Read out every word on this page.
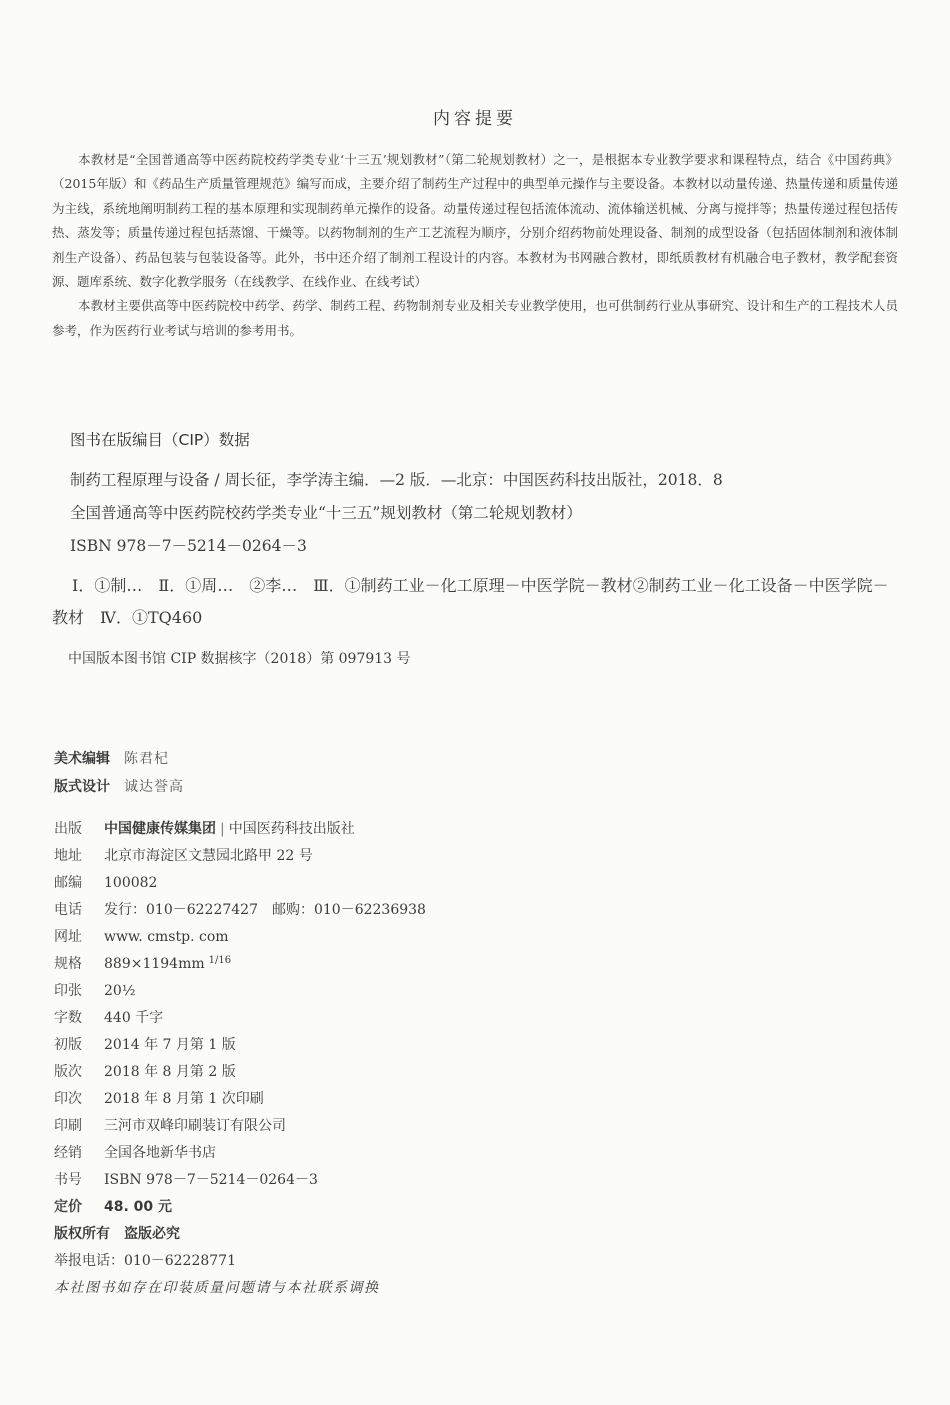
内容提要

本教材是“全国普通高等中医药院校药学类专业‘十三五’规划教材”（第二轮规划教材）之一，是根据本专业教学要求和课程特点，结合《中国药典》（2015年版）和《药品生产质量管理规范》编写而成，主要介绍了制药生产过程中的典型单元操作与主要设备。本教材以动量传递、热量传递和质量传递为主线，系统地阐明制药工程的基本原理和实现制药单元操作的设备。动量传递过程包括流体流动、流体输送机械、分离与搅拌等；热量传递过程包括传热、蒸发等；质量传递过程包括蒸馏、干燥等。以药物制剂的生产工艺流程为顺序，分别介绍药物前处理设备、制剂的成型设备（包括固体制剂和液体制剂生产设备）、药品包装与包装设备等。此外，书中还介绍了制剂工程设计的内容。本教材为书网融合教材，即纸质教材有机融合电子教材，教学配套资源、题库系统、数字化教学服务（在线教学、在线作业、在线考试）

本教材主要供高等中医药院校中药学、药学、制药工程、药物制剂专业及相关专业教学使用，也可供制药行业从事研究、设计和生产的工程技术人员参考，作为医药行业考试与培训的参考用书。

图书在版编目（CIP）数据
制药工程原理与设备 / 周长征，李学涛主编．—2 版．—北京：中国医药科技出版社，2018．8
全国普通高等中医药院校药学类专业“十三五”规划教材（第二轮规划教材）
ISBN 978－7－5214－0264－3
Ⅰ．①制…　Ⅱ．①周…　②李…　Ⅲ．①制药工业－化工原理－中医学院－教材②制药工业－化工设备－中医学院－教材　Ⅳ．①TQ460
中国版本图书馆 CIP 数据核字（2018）第 097913 号
美术编辑 陈君杞
版式设计 诚达誉高
出版 中国健康传媒集团 | 中国医药科技出版社
地址 北京市海淀区文慧园北路甲 22 号
邮编 100082
电话 发行：010－62227427　邮购：010－62236938
网址 www. cmstp. com
规格 889×1194mm $^{1/16}$
印张 20½
字数 440 千字
初版 2014 年 7 月第 1 版
版次 2018 年 8 月第 2 版
印次 2018 年 8 月第 1 次印刷
印刷 三河市双峰印刷装订有限公司
经销 全国各地新华书店
书号 ISBN 978－7－5214－0264－3
定价 48. 00 元
版权所有　盗版必究
举报电话：010－62228771
本社图书如存在印装质量问题请与本社联系调换
